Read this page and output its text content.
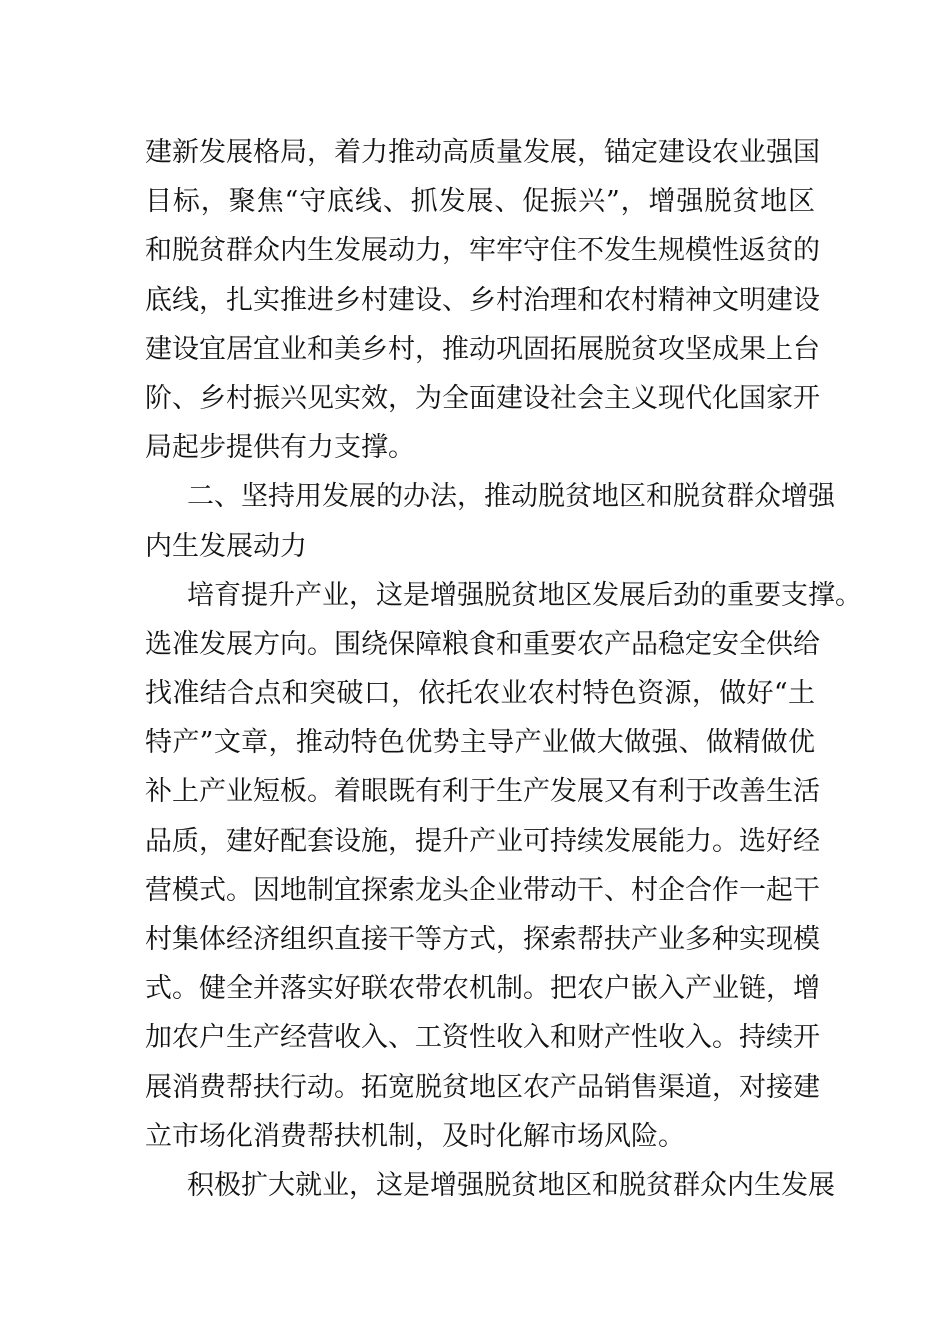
建新发展格局，着力推动高质量发展，锚定建设农业强国
目标，聚焦“守底线、抓发展、促振兴”，增强脱贫地区
和脱贫群众内生发展动力，牢牢守住不发生规模性返贫的
底线，扎实推进乡村建设、乡村治理和农村精神文明建设
建设宜居宜业和美乡村，推动巩固拓展脱贫攻坚成果上台
阶、乡村振兴见实效，为全面建设社会主义现代化国家开
局起步提供有力支撑。
二、坚持用发展的办法，推动脱贫地区和脱贫群众增强
内生发展动力
培育提升产业，这是增强脱贫地区发展后劲的重要支撑。
选准发展方向。围绕保障粮食和重要农产品稳定安全供给
找准结合点和突破口，依托农业农村特色资源，做好“土
特产”文章，推动特色优势主导产业做大做强、做精做优
补上产业短板。着眼既有利于生产发展又有利于改善生活
品质，建好配套设施，提升产业可持续发展能力。选好经
营模式。因地制宜探索龙头企业带动干、村企合作一起干
村集体经济组织直接干等方式，探索帮扶产业多种实现模
式。健全并落实好联农带农机制。把农户嵌入产业链，增
加农户生产经营收入、工资性收入和财产性收入。持续开
展消费帮扶行动。拓宽脱贫地区农产品销售渠道，对接建
立市场化消费帮扶机制，及时化解市场风险。
积极扩大就业，这是增强脱贫地区和脱贫群众内生发展
